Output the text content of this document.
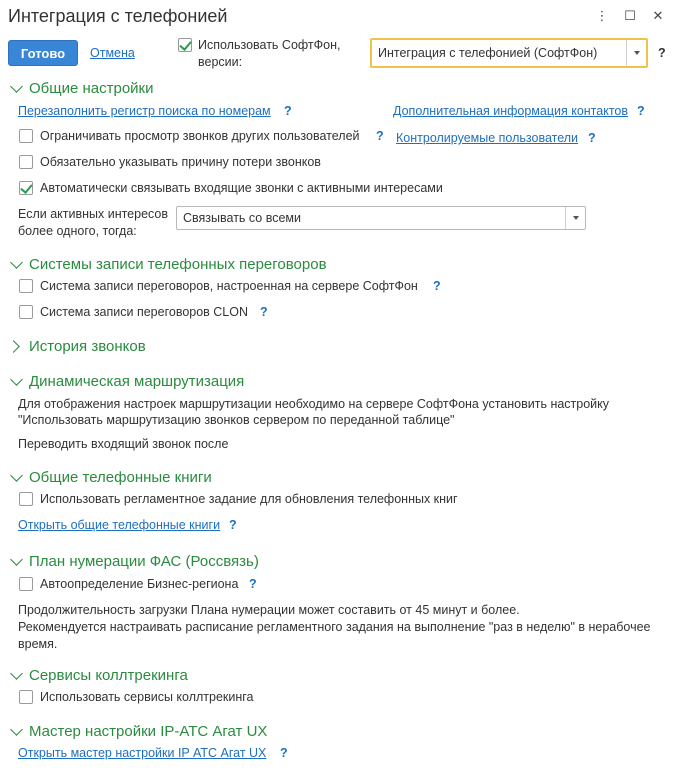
Интеграция с телефонией	⋮	☐	✕
Готово	Отмена
Использовать СофтФон,
версии:
Интеграция с телефонией (СофтФон)	?
Общие настройки
Перезаполнить регистр поиска по номерам ?	Дополнительная информация контактов ?
Ограничивать просмотр звонков других пользователей ? Контролируемые пользователи ?
Обязательно указывать причину потери звонков
Автоматически связывать входящие звонки с активными интересами
Если активных интересов
более одного, тогда:
Связывать со всеми
Системы записи телефонных переговоров
Система записи переговоров, настроенная на сервере СофтФон ?
Система записи переговоров CLON ?
История звонков
Динамическая маршрутизация
Для отображения настроек маршрутизации необходимо на сервере СофтФона установить настройку
"Использовать маршрутизацию звонков сервером по переданной таблице"
Переводить входящий звонок после
Общие телефонные книги
Использовать регламентное задание для обновления телефонных книг
Открыть общие телефонные книги ?
План нумерации ФАС (Россвязь)
Автоопределение Бизнес-региона ?
Продолжительность загрузки Плана нумерации может составить от 45 минут и более.
Рекомендуется настраивать расписание регламентного задания на выполнение "раз в неделю" в нерабочее
время.
Сервисы коллтрекинга
Использовать сервисы коллтрекинга
Мастер настройки IP-АТС Агат UX
Открыть мастер настройки IP АТС Агат UX ?
